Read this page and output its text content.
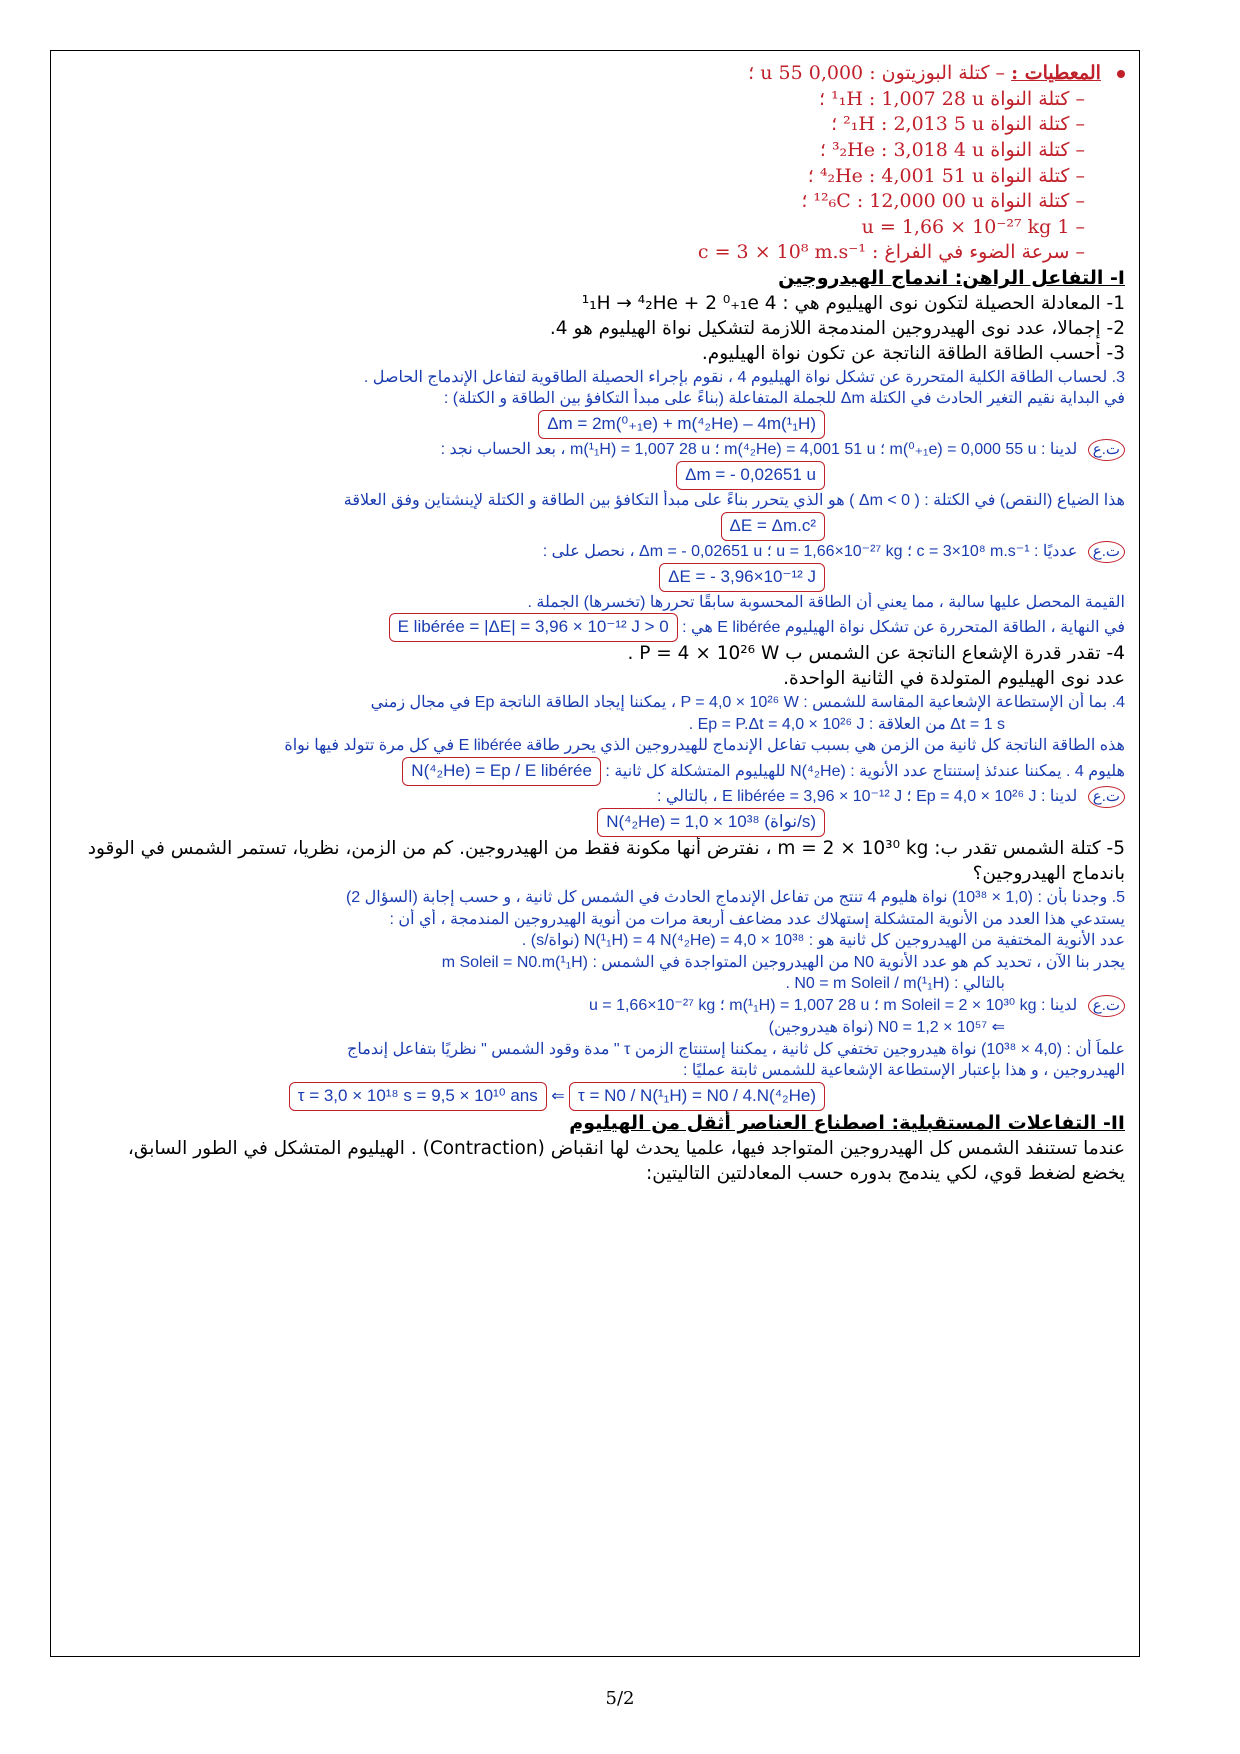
المعطيات : – كتلة البوزيتون : 0,000 55 u ؛
– كتلة النواة ¹₁H : 1,007 28 u ؛
– كتلة النواة ²₁H : 2,013 5 u ؛
– كتلة النواة ³₂He : 3,018 4 u ؛
– كتلة النواة ⁴₂He : 4,001 51 u ؛
– كتلة النواة ¹²₆C : 12,000 00 u ؛
– 1 u = 1,66 × 10⁻²⁷ kg
– سرعة الضوء في الفراغ : c = 3 × 10⁸ m.s⁻¹
I- التفاعل الراهن: اندماج الهيدروجين
1- المعادلة الحصيلة لتكون نوى الهيليوم هي : 4 ¹₁H → ⁴₂He + 2 ⁰₊₁e
2- إجمالا، عدد نوى الهيدروجين المندمجة اللازمة لتشكيل نواة الهيليوم هو 4.
3- أحسب الطاقة الطاقة الناتجة عن تكون نواة الهيليوم.
3. لحساب الطاقة الكلية المتحررة عن تشكل نواة الهيليوم 4 ، نقوم بإجراء الحصيلة الطاقوية لتفاعل الإندماج الحاصل .
في البداية نقيم التغير الحادث في الكتلة Δm للجملة المتفاعلة (بناءً على مبدأ التكافؤ بين الطاقة و الكتلة) :
Δm = 2m(⁰₊₁e) + m(⁴₂He) – 4m(¹₁H)
ت.ع لدينا : m(⁰₊₁e) = 0,000 55 u ؛ m(⁴₂He) = 4,001 51 u ؛ m(¹₁H) = 1,007 28 u ، بعد الحساب نجد :
Δm = - 0,02651 u
هذا الضياع (النقص) في الكتلة : ( Δm < 0 ) هو الذي يتحرر بناءً على مبدأ التكافؤ بين الطاقة و الكتلة لإينشتاين وفق العلاقة
ΔE = Δm.c²
ت.ع عدديًا : c = 3×10⁸ m.s⁻¹ ؛ u = 1,66×10⁻²⁷ kg ؛ Δm = - 0,02651 u ، نحصل على :
ΔE = - 3,96×10⁻¹² J
القيمة المحصل عليها سالبة ، مما يعني أن الطاقة المحسوبة سابقًا تحررها (تخسرها) الجملة .
في النهاية ، الطاقة المتحررة عن تشكل نواة الهيليوم E libérée هي : E libérée = |ΔE| = 3,96 × 10⁻¹² J > 0
4- تقدر قدرة الإشعاع الناتجة عن الشمس ب P = 4 × 10²⁶ W .
عدد نوى الهيليوم المتولدة في الثانية الواحدة.
4. بما أن الإستطاعة الإشعاعية المقاسة للشمس : P = 4,0 × 10²⁶ W ، يمكننا إيجاد الطاقة الناتجة Ep في مجال زمني
Δt = 1 s من العلاقة : Ep = P.Δt = 4,0 × 10²⁶ J .
هذه الطاقة الناتجة كل ثانية من الزمن هي بسبب تفاعل الإندماج للهيدروجين الذي يحرر طاقة E libérée في كل مرة تتولد فيها نواة
هليوم 4 . يمكننا عندئذ إستنتاج عدد الأنوية : N(⁴₂He) للهيليوم المتشكلة كل ثانية : N(⁴₂He) = Ep / E libérée
ت.ع لدينا : Ep = 4,0 × 10²⁶ J ؛ E libérée = 3,96 × 10⁻¹² J ، بالتالي :
N(⁴₂He) = 1,0 × 10³⁸ (نواة/s)
5- كتلة الشمس تقدر ب: m = 2 × 10³⁰ kg ، نفترض أنها مكونة فقط من الهيدروجين. كم من الزمن، نظريا، تستمر الشمس في الوقود
باندماج الهيدروجين؟
5. وجدنا بأن : (1,0 × 10³⁸) نواة هليوم 4 تنتج من تفاعل الإندماج الحادث في الشمس كل ثانية ، و حسب إجابة (السؤال 2)
يستدعي هذا العدد من الأنوية المتشكلة إستهلاك عدد مضاعف أربعة مرات من أنوية الهيدروجين المندمجة ، أي أن :
عدد الأنوية المختفية من الهيدروجين كل ثانية هو : N(¹₁H) = 4 N(⁴₂He) = 4,0 × 10³⁸ (نواة/s) .
يجدر بنا الآن ، تحديد كم هو عدد الأنوية N0 من الهيدروجين المتواجدة في الشمس : m Soleil = N0.m(¹₁H)
بالتالي : N0 = m Soleil / m(¹₁H) .
ت.ع لدينا : m Soleil = 2 × 10³⁰ kg ؛ m(¹₁H) = 1,007 28 u ؛ u = 1,66×10⁻²⁷ kg
⇐ N0 = 1,2 × 10⁵⁷ (نواة هيدروجين)
علماً أن : (4,0 × 10³⁸) نواة هيدروجين تختفي كل ثانية ، يمكننا إستنتاج الزمن τ " مدة وقود الشمس " نظريًا بتفاعل إندماج
الهيدروجين ، و هذا بإعتبار الإستطاعة الإشعاعية للشمس ثابتة عمليًا :
τ = N0 / N(¹₁H) = N0 / 4.N(⁴₂He) ⇐ τ = 3,0 × 10¹⁸ s = 9,5 × 10¹⁰ ans
II- التفاعلات المستقبلية: اصطناع العناصر أثقل من الهيليوم
عندما تستنفد الشمس كل الهيدروجين المتواجد فيها، علميا يحدث لها انقباض (Contraction) . الهيليوم المتشكل في الطور السابق،
يخضع لضغط قوي، لكي يندمج بدوره حسب المعادلتين التاليتين:
5/2
